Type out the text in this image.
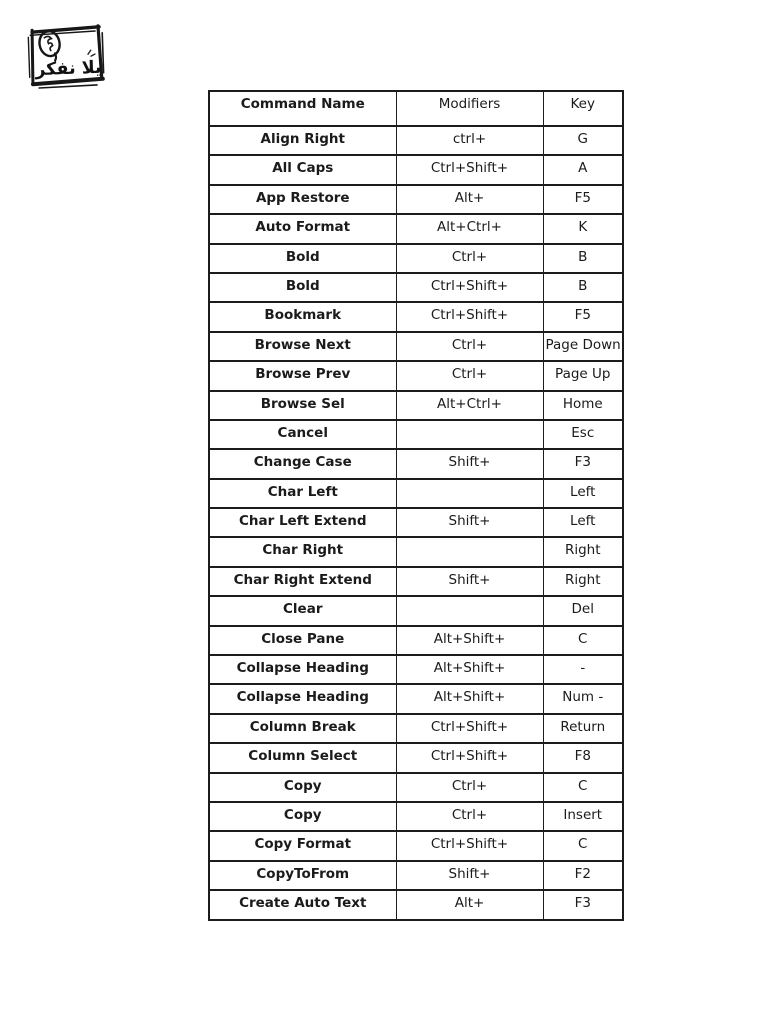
يلا نفكر
Command Name	Modifiers	Key
Align Right	ctrl+	G
All Caps	Ctrl+Shift+	A
App Restore	Alt+	F5
Auto Format	Alt+Ctrl+	K
Bold	Ctrl+	B
Bold	Ctrl+Shift+	B
Bookmark	Ctrl+Shift+	F5
Browse Next	Ctrl+	Page Down
Browse Prev	Ctrl+	Page Up
Browse Sel	Alt+Ctrl+	Home
Cancel		Esc
Change Case	Shift+	F3
Char Left		Left
Char Left Extend	Shift+	Left
Char Right		Right
Char Right Extend	Shift+	Right
Clear		Del
Close Pane	Alt+Shift+	C
Collapse Heading	Alt+Shift+	-
Collapse Heading	Alt+Shift+	Num -
Column Break	Ctrl+Shift+	Return
Column Select	Ctrl+Shift+	F8
Copy	Ctrl+	C
Copy	Ctrl+	Insert
Copy Format	Ctrl+Shift+	C
CopyToFrom	Shift+	F2
Create Auto Text	Alt+	F3
